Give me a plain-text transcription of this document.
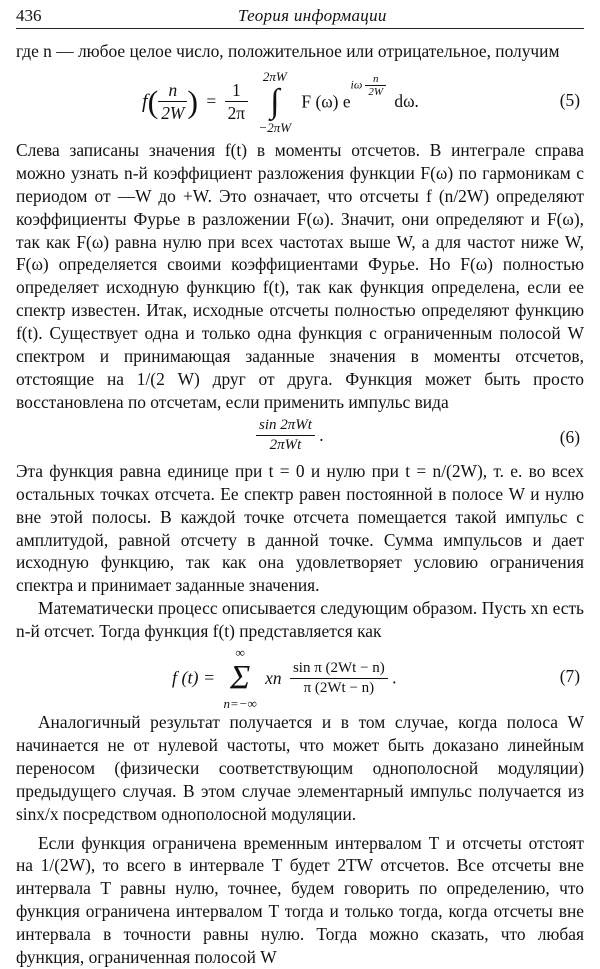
436	Теория информации

где n — любое целое число, положительное или отрицательное, получим

$f( \frac{n}{2W}$ ) = $\frac{1}{2\pi}$
2πW
∫
−2πW F (ω) eiω $\frac{n}{2W}$
dω.	(5)

Слева записаны значения f(t) в моменты отсчетов. В интеграле справа можно узнать n-й коэффициент разложения функции F(ω) по гармоникам с периодом от —W до +W. Это означает, что отсчеты f (n/2W) определяют коэффициенты Фурье в разложении F(ω). Значит, они определяют и F(ω), так как F(ω) равна нулю при всех частотах выше W, а для частот ниже W, F(ω) определяется своими коэффициентами Фурье. Но F(ω) полностью определяет исходную функцию f(t), так как функция определена, если ее спектр известен. Итак, исходные отсчеты полностью определяют функцию f(t). Существует одна и только одна функция с ограниченным полосой W спектром и принимающая заданные значения в моменты отсчетов, отстоящие на 1/(2 W) друг от друга. Функция может быть просто восстановлена по отсчетам, если применить импульс вида

$\frac{\text{sin 2πWt}}{\text{2πWt}}$ .	(6)

Эта функция равна единице при t = 0 и нулю при t = n/(2W), т. е. во всех остальных точках отсчета. Ее спектр равен постоянной в полосе W и нулю вне этой полосы. В каждой точке отсчета помещается такой импульс с амплитудой, равной отсчету в данной точке. Сумма импульсов и дает исходную функцию, так как она удовлетворяет условию ограничения спектра и принимает заданные значения.

Математически процесс описывается следующим образом. Пусть xn есть n-й отсчет. Тогда функция f(t) представляется как

f (t) = ∞
Σ
n=−∞ xn $\frac{\text{sin π (2Wt − n)}}{\pi (2Wt - n)}$ .	(7)

Аналогичный результат получается и в том случае, когда полоса W начинается не от нулевой частоты, что может быть доказано линейным переносом (физически соответствующим однополосной модуляции) предыдущего случая. В этом случае элементарный импульс получается из sinx/x посредством однополосной модуляции.

Если функция ограничена временным интервалом T и отсчеты отстоят на 1/(2W), то всего в интервале T будет 2TW отсчетов. Все отсчеты вне интервала T равны нулю, точнее, будем говорить по определению, что функция ограничена интервалом T тогда и только тогда, когда отсчеты вне интервала в точности равны нулю. Тогда можно сказать, что любая функция, ограниченная полосой W
